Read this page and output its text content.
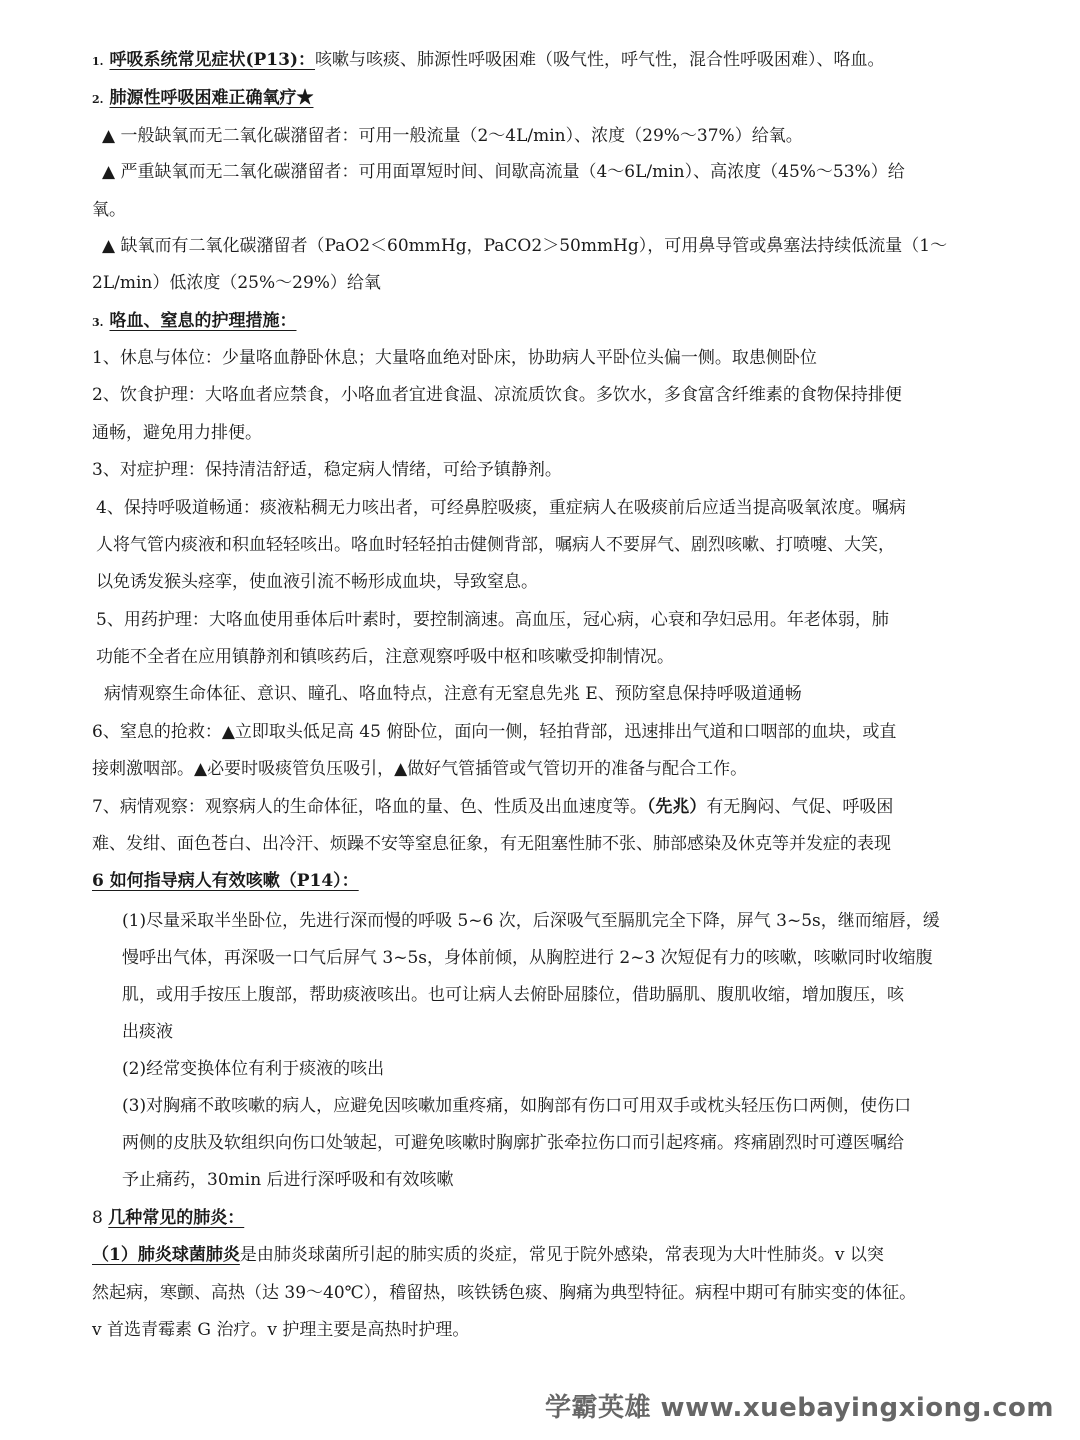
1. 呼吸系统常见症状(P13)：咳嗽与咳痰、肺源性呼吸困难（吸气性，呼气性，混合性呼吸困难）、咯血。
2. 肺源性呼吸困难正确氧疗★
▲ 一般缺氧而无二氧化碳潴留者：可用一般流量（2～4L/min）、浓度（29%～37%）给氧。
▲ 严重缺氧而无二氧化碳潴留者：可用面罩短时间、间歇高流量（4～6L/min）、高浓度（45%～53%）给
氧。
▲ 缺氧而有二氧化碳潴留者（PaO2＜60mmHg，PaCO2＞50mmHg），可用鼻导管或鼻塞法持续低流量（1～
2L/min）低浓度（25%～29%）给氧
3. 咯血、窒息的护理措施：
1、休息与体位：少量咯血静卧休息；大量咯血绝对卧床，协助病人平卧位头偏一侧。取患侧卧位
2、饮食护理：大咯血者应禁食，小咯血者宜进食温、凉流质饮食。多饮水，多食富含纤维素的食物保持排便
通畅，避免用力排便。
3、对症护理：保持清洁舒适，稳定病人情绪，可给予镇静剂。
4、保持呼吸道畅通：痰液粘稠无力咳出者，可经鼻腔吸痰，重症病人在吸痰前后应适当提高吸氧浓度。嘱病
人将气管内痰液和积血轻轻咳出。咯血时轻轻拍击健侧背部，嘱病人不要屏气、剧烈咳嗽、打喷嚏、大笑，
以免诱发猴头痉挛，使血液引流不畅形成血块，导致窒息。
5、用药护理：大咯血使用垂体后叶素时，要控制滴速。高血压，冠心病，心衰和孕妇忌用。年老体弱，肺
功能不全者在应用镇静剂和镇咳药后，注意观察呼吸中枢和咳嗽受抑制情况。
病情观察生命体征、意识、瞳孔、咯血特点，注意有无窒息先兆 E、预防窒息保持呼吸道通畅
6、窒息的抢救：▲立即取头低足高 45 俯卧位，面向一侧，轻拍背部，迅速排出气道和口咽部的血块，或直
接刺激咽部。▲必要时吸痰管负压吸引，▲做好气管插管或气管切开的准备与配合工作。
7、病情观察：观察病人的生命体征，咯血的量、色、性质及出血速度等。（先兆）有无胸闷、气促、呼吸困
难、发绀、面色苍白、出冷汗、烦躁不安等窒息征象，有无阻塞性肺不张、肺部感染及休克等并发症的表现
6 如何指导病人有效咳嗽（P14）：
(1)尽量采取半坐卧位，先进行深而慢的呼吸 5~6 次，后深吸气至膈肌完全下降，屏气 3~5s，继而缩唇，缓
慢呼出气体，再深吸一口气后屏气 3~5s，身体前倾，从胸腔进行 2~3 次短促有力的咳嗽，咳嗽同时收缩腹
肌，或用手按压上腹部，帮助痰液咳出。也可让病人去俯卧屈膝位，借助膈肌、腹肌收缩，增加腹压，咳
出痰液
(2)经常变换体位有利于痰液的咳出
(3)对胸痛不敢咳嗽的病人，应避免因咳嗽加重疼痛，如胸部有伤口可用双手或枕头轻压伤口两侧，使伤口
两侧的皮肤及软组织向伤口处皱起，可避免咳嗽时胸廓扩张牵拉伤口而引起疼痛。疼痛剧烈时可遵医嘱给
予止痛药，30min 后进行深呼吸和有效咳嗽
8 几种常见的肺炎：
（1）肺炎球菌肺炎是由肺炎球菌所引起的肺实质的炎症，常见于院外感染，常表现为大叶性肺炎。v 以突
然起病，寒颤、高热（达 39～40℃），稽留热，咳铁锈色痰、胸痛为典型特征。病程中期可有肺实变的体征。
v 首选青霉素 G 治疗。v 护理主要是高热时护理。
学霸英雄 www.xuebayingxiong.com
